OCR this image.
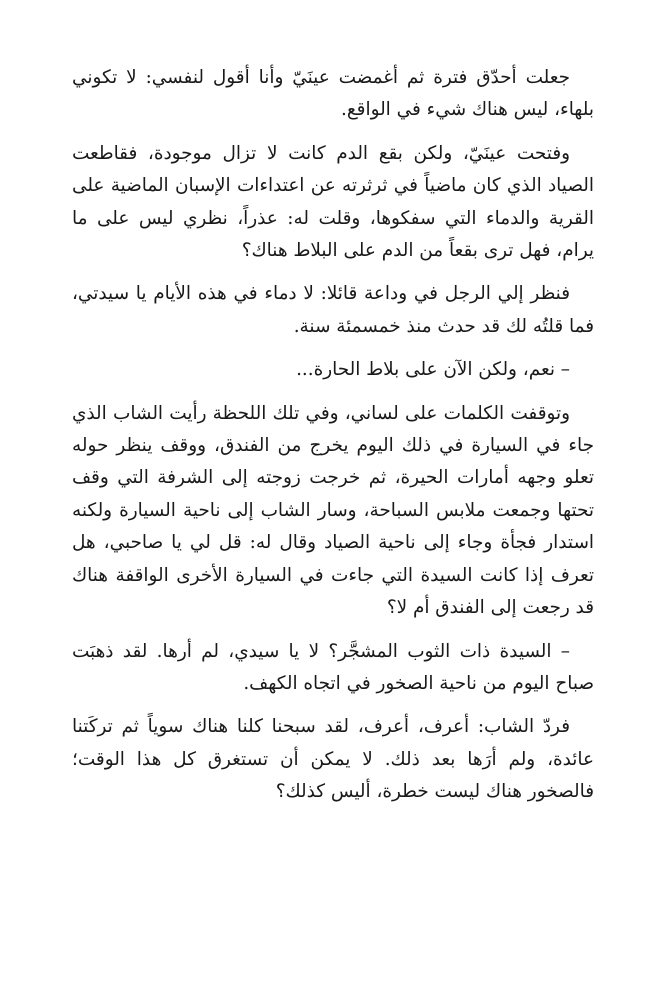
جعلت أحدّق فترة ثم أغمضت عينَيّ وأنا أقول لنفسي: لا تكوني بلهاء، ليس هناك شيء في الواقع.

وفتحت عينَيّ، ولكن بقع الدم كانت لا تزال موجودة، فقاطعت الصياد الذي كان ماضياً في ثرثرته عن اعتداءات الإسبان الماضية على القرية والدماء التي سفكوها، وقلت له: عذراً، نظري ليس على ما يرام، فهل ترى بقعاً من الدم على البلاط هناك؟

فنظر إلي الرجل في وداعة قائلا: لا دماء في هذه الأيام يا سيدتي، فما قلتُه لك قد حدث منذ خمسمئة سنة.

– نعم، ولكن الآن على بلاط الحارة...

وتوقفت الكلمات على لساني، وفي تلك اللحظة رأيت الشاب الذي جاء في السيارة في ذلك اليوم يخرج من الفندق، ووقف ينظر حوله تعلو وجهه أمارات الحيرة، ثم خرجت زوجته إلى الشرفة التي وقف تحتها وجمعت ملابس السباحة، وسار الشاب إلى ناحية السيارة ولكنه استدار فجأة وجاء إلى ناحية الصياد وقال له: قل لي يا صاحبي، هل تعرف إذا كانت السيدة التي جاءت في السيارة الأخرى الواقفة هناك قد رجعت إلى الفندق أم لا؟

– السيدة ذات الثوب المشجَّر؟ لا يا سيدي، لم أرها. لقد ذهبَت صباح اليوم من ناحية الصخور في اتجاه الكهف.

فردّ الشاب: أعرف، أعرف، لقد سبحنا كلنا هناك سوياً ثم تركَتنا عائدة، ولم أرَها بعد ذلك. لا يمكن أن تستغرق كل هذا الوقت؛ فالصخور هناك ليست خطرة، أليس كذلك؟
